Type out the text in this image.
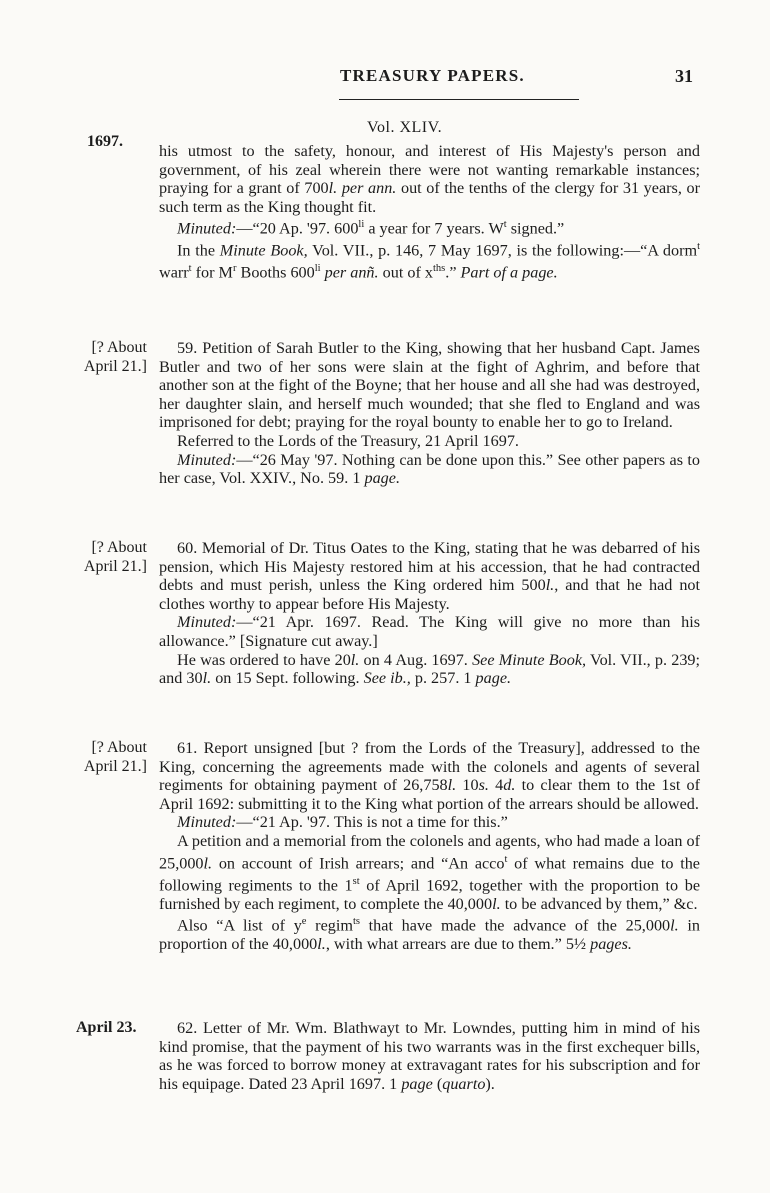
TREASURY PAPERS.	31
1697.
Vol. XLIV.

his utmost to the safety, honour, and interest of His Majesty's person and government, of his zeal wherein there were not wanting remarkable instances; praying for a grant of 700l. per ann. out of the tenths of the clergy for 31 years, or such term as the King thought fit.

Minuted:—“20 Ap. '97. $600^{li}$ a year for 7 years. $W^t$ signed.”

In the Minute Book, Vol. VII., p. 146, 7 May 1697, is the following:—“A dorm$^t$ warr$^t$ for $M^r$ Booths $600^{li}$ per anñ. out of $x^{ths}$.” Part of a page.

[? About
April 21.]

59. Petition of Sarah Butler to the King, showing that her husband Capt. James Butler and two of her sons were slain at the fight of Aghrim, and before that another son at the fight of the Boyne; that her house and all she had was destroyed, her daughter slain, and herself much wounded; that she fled to England and was imprisoned for debt; praying for the royal bounty to enable her to go to Ireland.

Referred to the Lords of the Treasury, 21 April 1697.

Minuted:—“26 May '97. Nothing can be done upon this.” See other papers as to her case, Vol. XXIV., No. 59. 1 page.

[? About
April 21.]

60. Memorial of Dr. Titus Oates to the King, stating that he was debarred of his pension, which His Majesty restored him at his accession, that he had contracted debts and must perish, unless the King ordered him 500l., and that he had not clothes worthy to appear before His Majesty.

Minuted:—“21 Apr. 1697. Read. The King will give no more than his allowance.” [Signature cut away.]

He was ordered to have 20l. on 4 Aug. 1697. See Minute Book, Vol. VII., p. 239; and 30l. on 15 Sept. following. See ib., p. 257. 1 page.

[? About
April 21.]

61. Report unsigned [but ? from the Lords of the Treasury], addressed to the King, concerning the agreements made with the colonels and agents of several regiments for obtaining payment of 26,758l. 10s. 4d. to clear them to the 1st of April 1692: submitting it to the King what portion of the arrears should be allowed.

Minuted:—“21 Ap. '97. This is not a time for this.”

A petition and a memorial from the colonels and agents, who had made a loan of 25,000l. on account of Irish arrears; and “An acco$^t$ of what remains due to the following regiments to the 1st of April 1692, together with the proportion to be furnished by each regiment, to complete the 40,000l. to be advanced by them,” &c.

Also “A list of $y^e$ regim$^{ts}$ that have made the advance of the 25,000l. in proportion of the 40,000l., with what arrears are due to them.” 5½ pages.

April 23.	62. Letter of Mr. Wm. Blathwayt to Mr. Lowndes, putting him in mind of his kind promise, that the payment of his two warrants was in the first exchequer bills, as he was forced to borrow money at extravagant rates for his subscription and for his equipage. Dated 23 April 1697. 1 page (quarto).
